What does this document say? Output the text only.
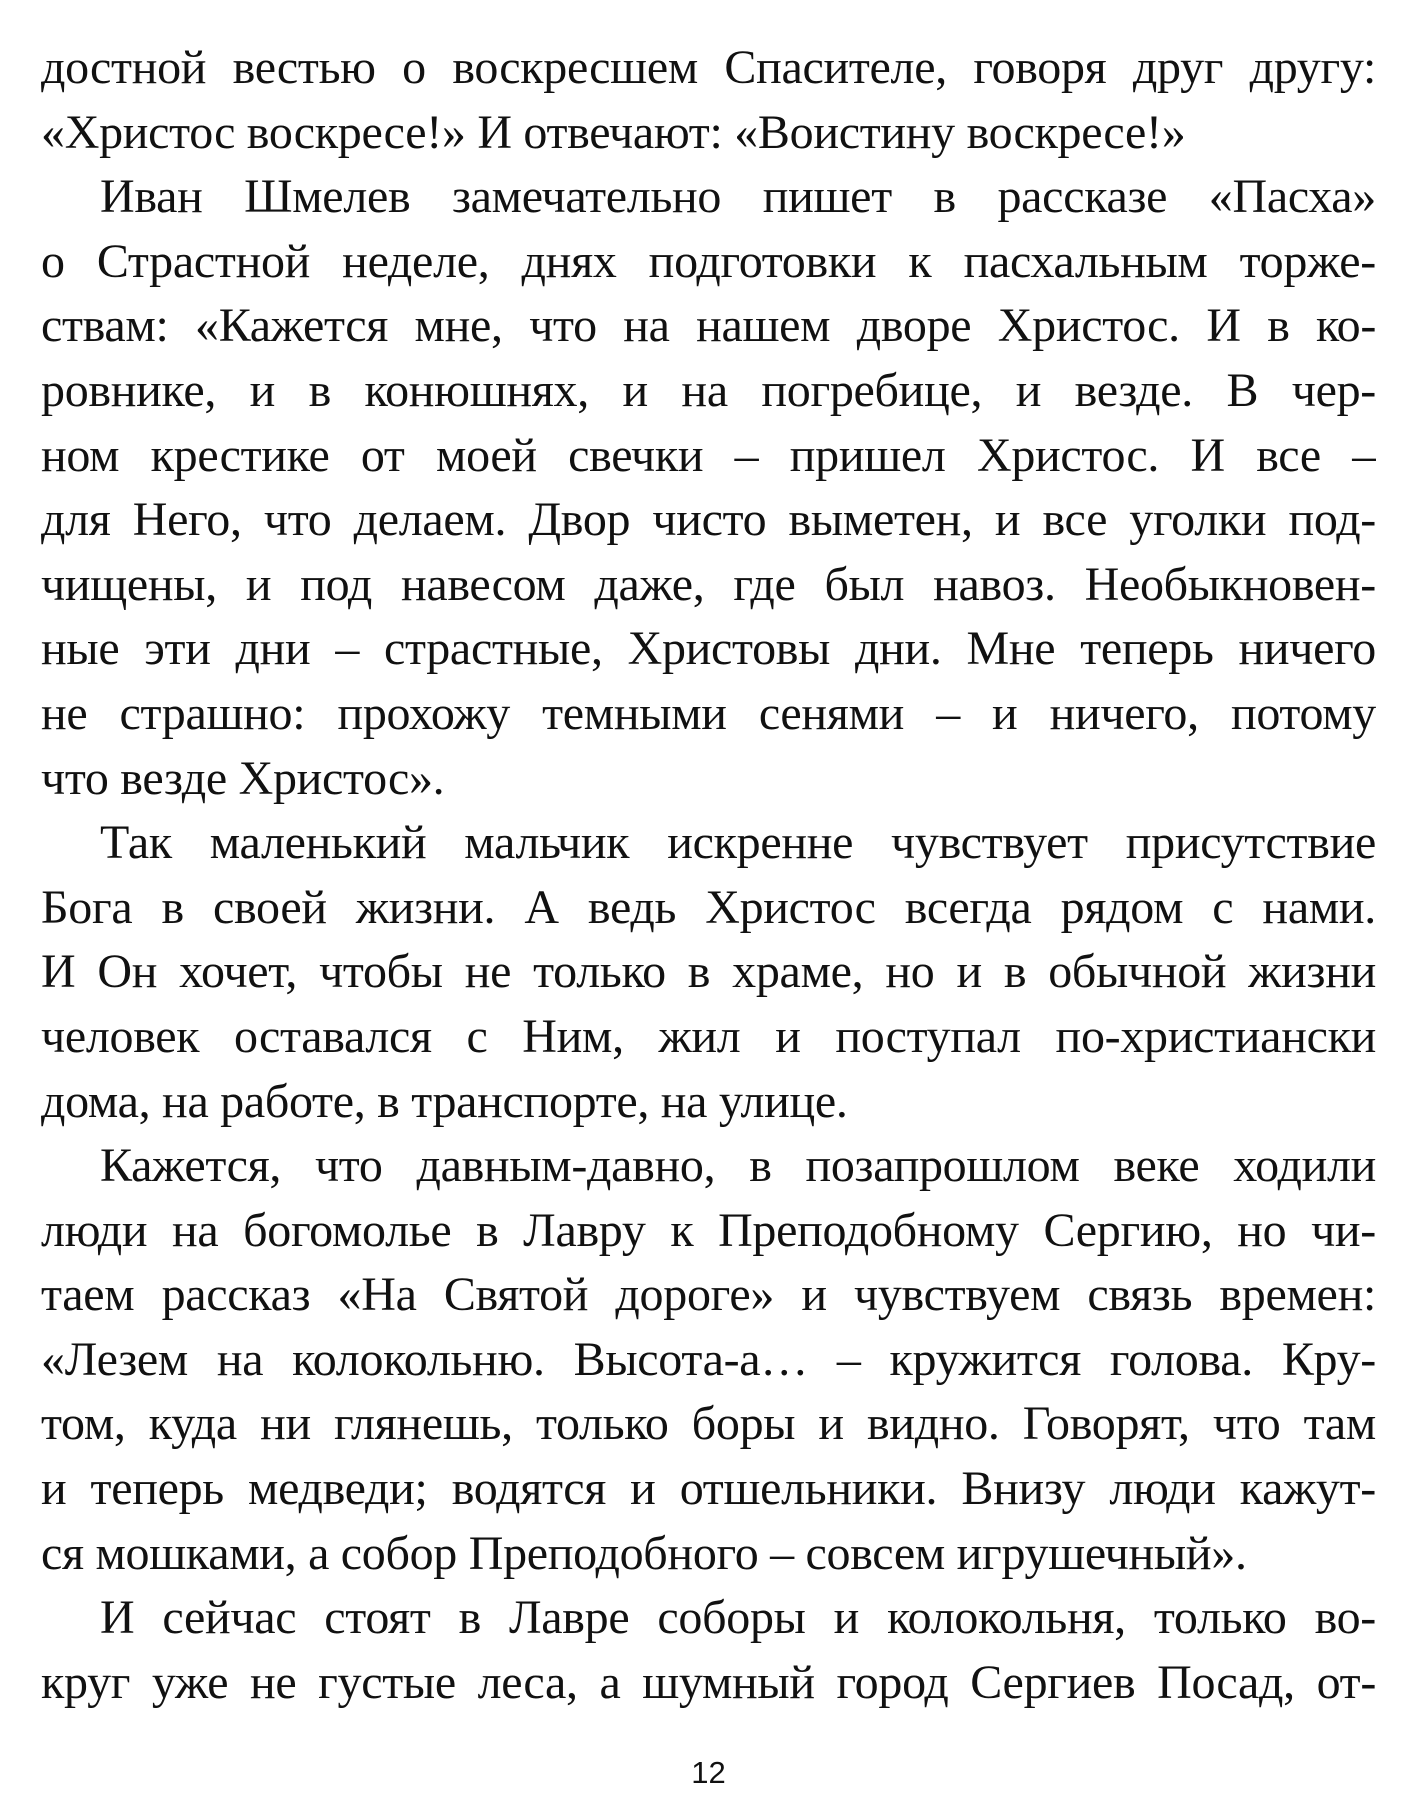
достной вестью о воскресшем Спасителе, говоря друг другу:
«Христос воскресе!» И отвечают: «Воистину воскресе!»
Иван Шмелев замечательно пишет в рассказе «Пасха»
о Страстной неделе, днях подготовки к пасхальным торже-
ствам: «Кажется мне, что на нашем дворе Христос. И в ко-
ровнике, и в конюшнях, и на погребице, и везде. В чер-
ном крестике от моей свечки – пришел Христос. И все –
для Него, что делаем. Двор чисто выметен, и все уголки под-
чищены, и под навесом даже, где был навоз. Необыкновен-
ные эти дни – страстные, Христовы дни. Мне теперь ничего
не страшно: прохожу темными сенями – и ничего, потому
что везде Христос».
Так маленький мальчик искренне чувствует присутствие
Бога в своей жизни. А ведь Христос всегда рядом с нами.
И Он хочет, чтобы не только в храме, но и в обычной жизни
человек оставался с Ним, жил и поступал по-христиански
дома, на работе, в транспорте, на улице.
Кажется, что давным-давно, в позапрошлом веке ходили
люди на богомолье в Лавру к Преподобному Сергию, но чи-
таем рассказ «На Святой дороге» и чувствуем связь времен:
«Лезем на колокольню. Высота-а… – кружится голова. Кру-
том, куда ни глянешь, только боры и видно. Говорят, что там
и теперь медведи; водятся и отшельники. Внизу люди кажут-
ся мошками, а собор Преподобного – совсем игрушечный».
И сейчас стоят в Лавре соборы и колокольня, только во-
круг уже не густые леса, а шумный город Сергиев Посад, от-
12
